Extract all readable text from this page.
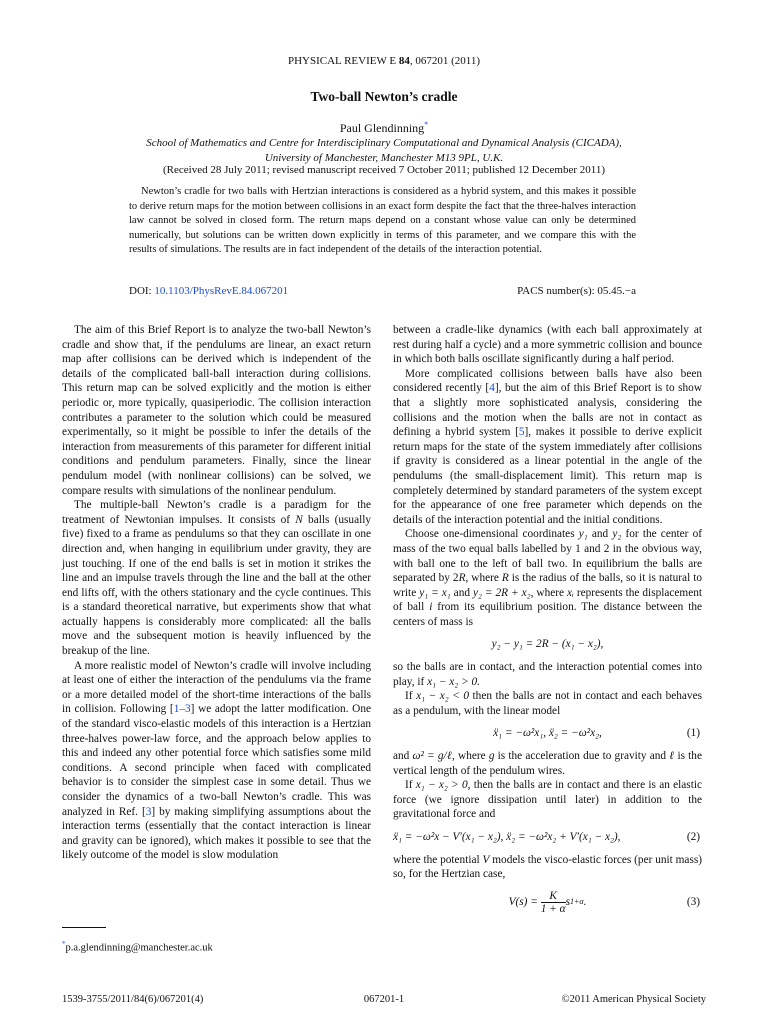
PHYSICAL REVIEW E 84, 067201 (2011)
Two-ball Newton’s cradle
Paul Glendinning*
School of Mathematics and Centre for Interdisciplinary Computational and Dynamical Analysis (CICADA),
University of Manchester, Manchester M13 9PL, U.K.
(Received 28 July 2011; revised manuscript received 7 October 2011; published 12 December 2011)

Newton’s cradle for two balls with Hertzian interactions is considered as a hybrid system, and this makes it possible to derive return maps for the motion between collisions in an exact form despite the fact that the three-halves interaction law cannot be solved in closed form. The return maps depend on a constant whose value can only be determined numerically, but solutions can be written down explicitly in terms of this parameter, and we compare this with the results of simulations. The results are in fact independent of the details of the interaction potential.

DOI: 10.1103/PhysRevE.84.067201	PACS number(s): 05.45.−a

The aim of this Brief Report is to analyze the two-ball Newton’s cradle and show that, if the pendulums are linear, an exact return map after collisions can be derived which is independent of the details of the complicated ball-ball interaction during collisions. This return map can be solved explicitly and the motion is either periodic or, more typically, quasiperiodic. The collision interaction contributes a parameter to the solution which could be measured experimentally, so it might be possible to infer the details of the interaction from measurements of this parameter for different initial conditions and pendulum parameters. Finally, since the linear pendulum model (with nonlinear collisions) can be solved, we compare results with simulations of the nonlinear pendulum.

The multiple-ball Newton’s cradle is a paradigm for the treatment of Newtonian impulses. It consists of N balls (usually five) fixed to a frame as pendulums so that they can oscillate in one direction and, when hanging in equilibrium under gravity, they are just touching. If one of the end balls is set in motion it strikes the line and an impulse travels through the line and the ball at the other end lifts off, with the others stationary and the cycle continues. This is a standard theoretical narrative, but experiments show that what actually happens is considerably more complicated: all the balls move and the subsequent motion is heavily influenced by the breakup of the line.

A more realistic model of Newton’s cradle will involve including at least one of either the interaction of the pendulums via the frame or a more detailed model of the short-time interactions of the balls in collision. Following [1–3] we adopt the latter modification. One of the standard visco-elastic models of this interaction is a Hertzian three-halves power-law force, and the approach below applies to this and indeed any other potential force which satisfies some mild conditions. A second principle when faced with complicated behavior is to consider the simplest case in some detail. Thus we consider the dynamics of a two-ball Newton’s cradle. This was analyzed in Ref. [3] by making simplifying assumptions about the interaction terms (essentially that the contact interaction is linear and gravity can be ignored), which makes it possible to see that the likely outcome of the model is slow modulation

between a cradle-like dynamics (with each ball approximately at rest during half a cycle) and a more symmetric collision and bounce in which both balls oscillate significantly during a half period.

More complicated collisions between balls have also been considered recently [4], but the aim of this Brief Report is to show that a slightly more sophisticated analysis, considering the collisions and the motion when the balls are not in contact as defining a hybrid system [5], makes it possible to derive explicit return maps for the state of the system immediately after collisions if gravity is considered as a linear potential in the angle of the pendulums (the small-displacement limit). This return map is completely determined by standard parameters of the system except for the appearance of one free parameter which depends on the details of the interaction potential and the initial conditions.

Choose one-dimensional coordinates y₁ and y₂ for the center of mass of the two equal balls labelled by 1 and 2 in the obvious way, with ball one to the left of ball two. In equilibrium the balls are separated by 2R, where R is the radius of the balls, so it is natural to write y₁ = x₁ and y₂ = 2R + x₂, where xᵢ represents the displacement of ball i from its equilibrium position. The distance between the centers of mass is

y₂ − y₁ = 2R − (x₁ − x₂),

so the balls are in contact, and the interaction potential comes into play, if x₁ − x₂ > 0.

If x₁ − x₂ < 0 then the balls are not in contact and each behaves as a pendulum, with the linear model

ẍ₁ = −ω²x₁, ẍ₂ = −ω²x₂,	(1)

and ω² = g/ℓ, where g is the acceleration due to gravity and ℓ is the vertical length of the pendulum wires.

If x₁ − x₂ > 0, then the balls are in contact and there is an elastic force (we ignore dissipation until later) in addition to the gravitational force and

ẍ₁ = −ω²x − V′(x₁ − x₂), ẍ₂ = −ω²x₂ + V′(x₁ − x₂),	(2)

where the potential V models the visco-elastic forces (per unit mass) so, for the Hertzian case,

V(s) =
$\frac{K}{1 + \alpha}$ s 1+α .	(3)
*p.a.glendinning@manchester.ac.uk
1539-3755/2011/84(6)/067201(4)	067201-1	©2011 American Physical Society
